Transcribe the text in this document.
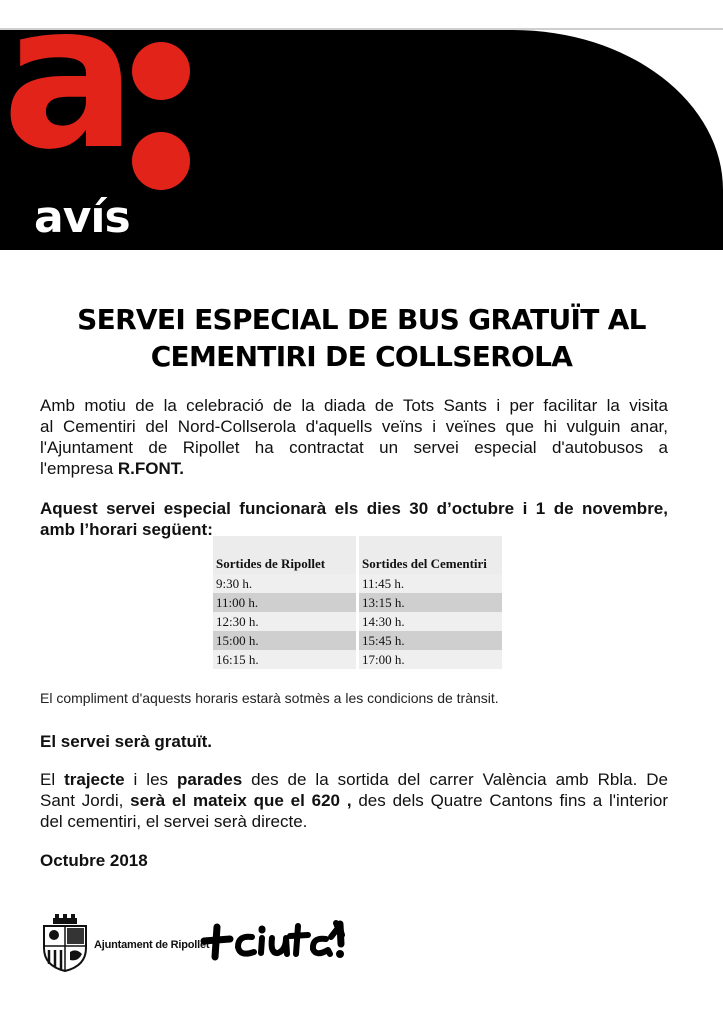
a
avís
SERVEI ESPECIAL DE BUS GRATUÏT AL
CEMENTIRI DE COLLSEROLA
Amb motiu de la celebració de la diada de Tots Sants i per facilitar la visita
al Cementiri del Nord-Collserola d'aquells veïns i veïnes que hi vulguin anar,
l'Ajuntament de Ripollet ha contractat un servei especial d'autobusos a
l'empresa R.FONT.
Aquest servei especial funcionarà els dies 30 d’octubre i 1 de novembre,
amb l’horari següent:

Sortides de Ripollet	Sortides del Cementiri
9:30 h.	11:45 h.
11:00 h.	13:15 h.
12:30 h.	14:30 h.
15:00 h.	15:45 h.
16:15 h.	17:00 h.
El compliment d'aquests horaris estarà sotmès a les condicions de trànsit.
El servei serà gratuït.
El trajecte i les parades des de la sortida del carrer València amb Rbla. De
Sant Jordi, serà el mateix que el 620 , des dels Quatre Cantons fins a l'interior
del cementiri, el servei serà directe.
Octubre 2018
Ajuntament de Ripollet
